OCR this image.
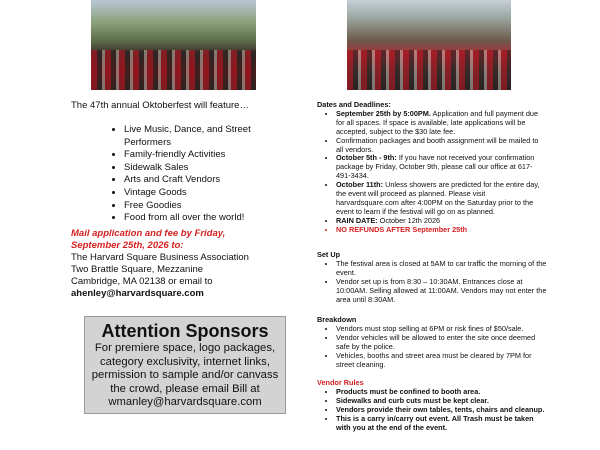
The 47th annual Oktoberfest will feature…
• Live Music, Dance, and Street Performers
• Family-friendly Activities
• Sidewalk Sales
• Arts and Craft Vendors
• Vintage Goods
• Free Goodies
• Food from all over the world!
Mail application and fee by Friday, September 25th, 2026 to:
The Harvard Square Business Association
Two Brattle Square, Mezzanine
Cambridge, MA 02138 or email to
ahenley@harvardsquare.com
Attention Sponsors
For premiere space, logo packages, category exclusivity, internet links, permission to sample and/or canvass the crowd, please email Bill at wmanley@harvardsquare.com
Dates and Deadlines:
• September 25th by 5:00PM. Application and full payment due for all spaces. If space is available, late applications will be accepted, subject to the $30 late fee.
• Confirmation packages and booth assignment will be mailed to all vendors.
• October 5th - 9th: If you have not received your confirmation package by Friday, October 9th, please call our office at 617-491-3434.
• October 11th: Unless showers are predicted for the entire day, the event will proceed as planned. Please visit harvardsquare.com after 4:00PM on the Saturday prior to the event to learn if the festival will go on as planned.
• RAIN DATE: October 12th 2026
• NO REFUNDS AFTER September 25th
Set Up
• The festival area is closed at 5AM to car traffic the morning of the event.
• Vendor set up is from 8:30 – 10:30AM. Entrances close at 10:00AM. Selling allowed at 11:00AM. Vendors may not enter the area until 8:30AM.
Breakdown
• Vendors must stop selling at 6PM or risk fines of $50/sale.
• Vendor vehicles will be allowed to enter the site once deemed safe by the police.
• Vehicles, booths and street area must be cleared by 7PM for street cleaning.
Vendor Rules
• Products must be confined to booth area.
• Sidewalks and curb cuts must be kept clear.
• Vendors provide their own tables, tents, chairs and cleanup.
• This is a carry in/carry out event. All Trash must be taken with you at the end of the event.
